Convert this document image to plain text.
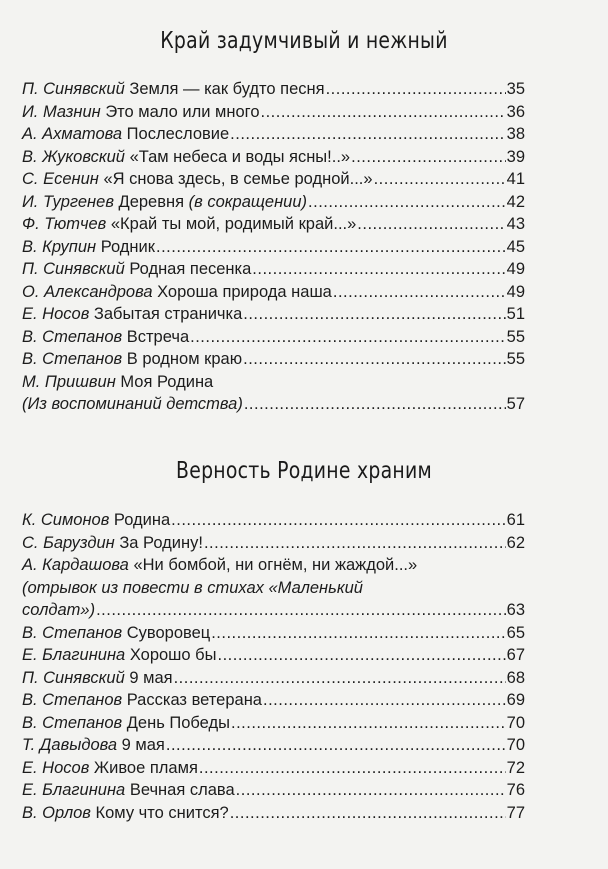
Край задумчивый и нежный
П. Синявский Земля — как будто песня .....	35
И. Мазнин Это мало или много .....	36
А. Ахматова Послесловие .....	38
В. Жуковский «Там небеса и воды ясны!..» .....	39
С. Есенин «Я снова здесь, в семье родной...» .....	41
И. Тургенев Деревня (в сокращении) .....	42
Ф. Тютчев «Край ты мой, родимый край...» .....	43
В. Крупин Родник .....	45
П. Синявский Родная песенка .....	49
О. Александрова Хороша природа наша .....	49
Е. Носов Забытая страничка .....	51
В. Степанов Встреча .....	55
В. Степанов В родном краю .....	55
М. Пришвин Моя Родина
(Из воспоминаний детства) .....	57
Верность Родине храним
К. Симонов Родина .....	61
С. Баруздин За Родину! .....	62
А. Кардашова «Ни бомбой, ни огнём, ни жаждой...»
(отрывок из повести в стихах «Маленький
солдат») .....	63
В. Степанов Суворовец .....	65
Е. Благинина Хорошо бы .....	67
П. Синявский 9 мая .....	68
В. Степанов Рассказ ветерана .....	69
В. Степанов День Победы .....	70
Т. Давыдова 9 мая .....	70
Е. Носов Живое пламя .....	72
Е. Благинина Вечная слава .....	76
В. Орлов Кому что снится? .....	77
